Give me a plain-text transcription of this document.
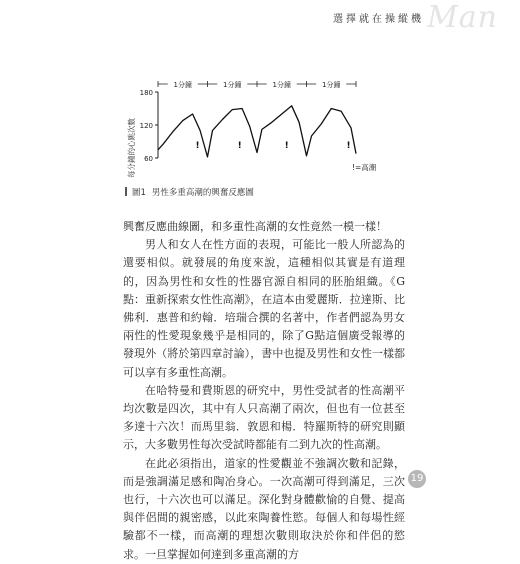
選擇就在操縱機 Man
60
120
180
1分鐘	1分鐘	1分鐘	1分鐘
!	!	!	!
!=高潮
每分鐘的心跳次數
圖1 男性多重高潮的興奮反應圖

興奮反應曲線圖，和多重性高潮的女性竟然一模一樣！

男人和女人在性方面的表現，可能比一般人所認為的還要相似。就發展的角度來說，這種相似其實是有道理的，因為男性和女性的性器官源自相同的胚胎組織。《G點：重新探索女性性高潮》，在這本由愛麗斯．拉達斯、比佛利．惠普和約翰．培瑞合撰的名著中，作者們認為男女兩性的性愛現象幾乎是相同的，除了G點這個廣受報導的發現外（將於第四章討論），書中也提及男性和女性一樣都可以享有多重性高潮。

在哈特曼和費斯恩的研究中，男性受試者的性高潮平均次數是四次，其中有人只高潮了兩次，但也有一位甚至多達十六次！而馬里翁．敦恩和楊．特羅斯特的研究則顯示，大多數男性每次受試時都能有二到九次的性高潮。

在此必須指出，道家的性愛觀並不強調次數和記錄，而是強調滿足感和陶冶身心。一次高潮可得到滿足，三次也行，十六次也可以滿足。深化對身體歡愉的自覺、提高與伴侶間的親密感，以此來陶養性慾。每個人和每場性經驗都不一樣，而高潮的理想次數則取決於你和伴侶的慾求。一旦掌握如何達到多重高潮的方

19
